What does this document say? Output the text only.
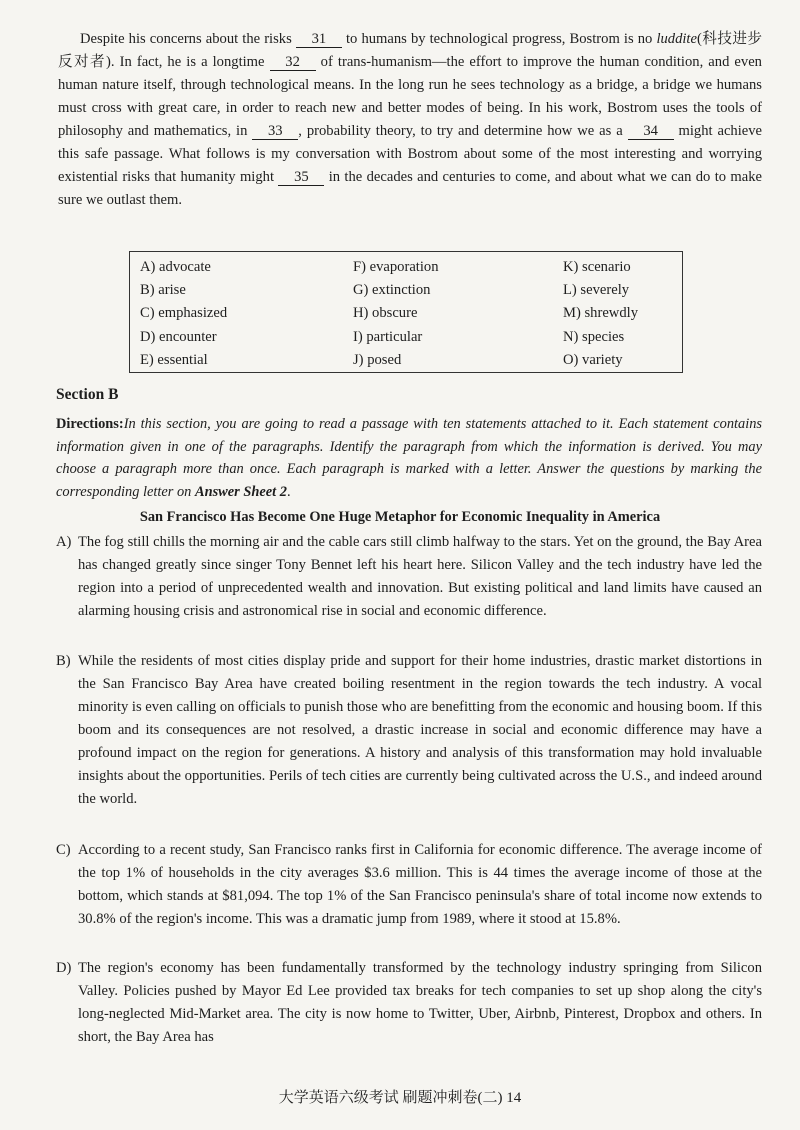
Despite his concerns about the risks 31 to humans by technological progress, Bostrom is no luddite(科技进步反对者). In fact, he is a longtime 32 of trans-humanism—the effort to improve the human condition, and even human nature itself, through technological means. In the long run he sees technology as a bridge, a bridge we humans must cross with great care, in order to reach new and better modes of being. In his work, Bostrom uses the tools of philosophy and mathematics, in 33 , probability theory, to try and determine how we as a 34 might achieve this safe passage. What follows is my conversation with Bostrom about some of the most interesting and worrying existential risks that humanity might 35 in the decades and centuries to come, and about what we can do to make sure we outlast them.

A) advocate
B) arise
C) emphasized
D) encounter
E) essential
F) evaporation
G) extinction
H) obscure
I) particular
J) posed
K) scenario
L) severely
M) shrewdly
N) species
O) variety
Section B

Directions:In this section, you are going to read a passage with ten statements attached to it. Each statement contains information given in one of the paragraphs. Identify the paragraph from which the information is derived. You may choose a paragraph more than once. Each paragraph is marked with a letter. Answer the questions by marking the corresponding letter on Answer Sheet 2.

San Francisco Has Become One Huge Metaphor for Economic Inequality in America
A) The fog still chills the morning air and the cable cars still climb halfway to the stars. Yet on the ground, the Bay Area has changed greatly since singer Tony Bennet left his heart here. Silicon Valley and the tech industry have led the region into a period of unprecedented wealth and innovation. But existing political and land limits have caused an alarming housing crisis and astronomical rise in social and economic difference.
B) While the residents of most cities display pride and support for their home industries, drastic market distortions in the San Francisco Bay Area have created boiling resentment in the region towards the tech industry. A vocal minority is even calling on officials to punish those who are benefitting from the economic and housing boom. If this boom and its consequences are not resolved, a drastic increase in social and economic difference may have a profound impact on the region for generations. A history and analysis of this transformation may hold invaluable insights about the opportunities. Perils of tech cities are currently being cultivated across the U.S., and indeed around the world.
C) According to a recent study, San Francisco ranks first in California for economic difference. The average income of the top 1% of households in the city averages $3.6 million. This is 44 times the average income of those at the bottom, which stands at $81,094. The top 1% of the San Francisco peninsula's share of total income now extends to 30.8% of the region's income. This was a dramatic jump from 1989, where it stood at 15.8%.
D) The region's economy has been fundamentally transformed by the technology industry springing from Silicon Valley. Policies pushed by Mayor Ed Lee provided tax breaks for tech companies to set up shop along the city's long-neglected Mid-Market area. The city is now home to Twitter, Uber, Airbnb, Pinterest, Dropbox and others. In short, the Bay Area has
大学英语六级考试 刷题冲刺卷(二) 14
